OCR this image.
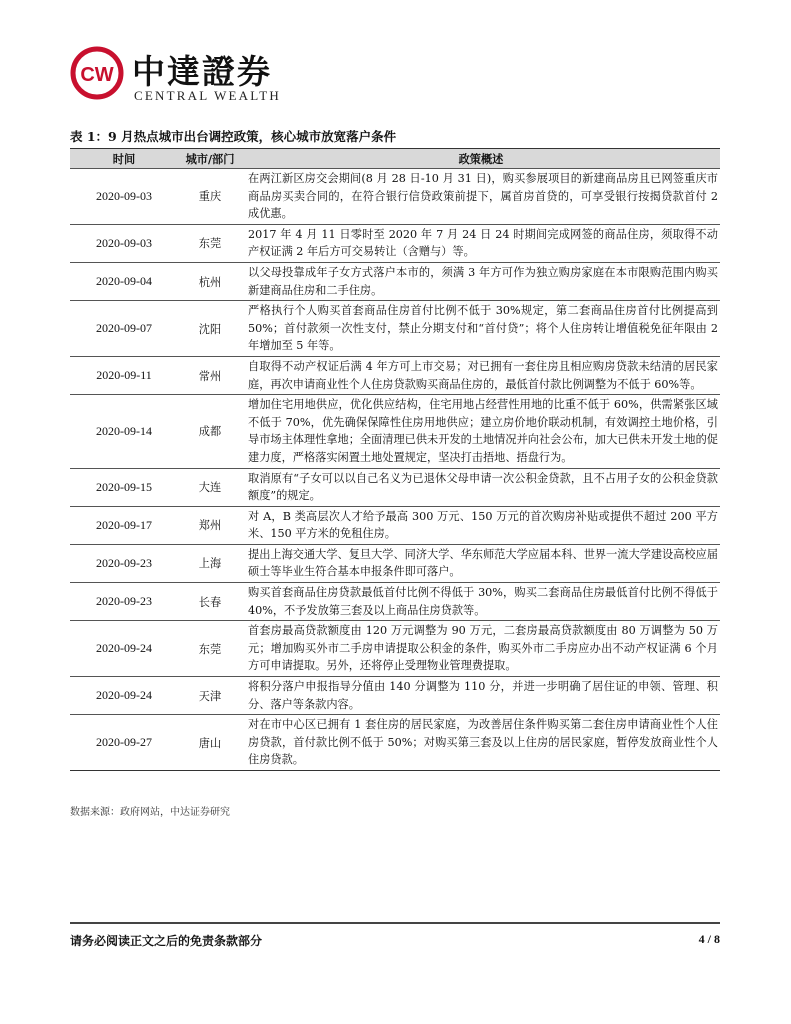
CW 中達證券
CENTRAL WEALTH
表 1：9 月热点城市出台调控政策，核心城市放宽落户条件
时间	城市/部门	政策概述
2020-09-03	重庆	在两江新区房交会期间(8 月 28 日-10 月 31 日)，购买参展项目的新建商品房且已网签重庆市商品房买卖合同的，在符合银行信贷政策前提下，属首房首贷的，可享受银行按揭贷款首付 2 成优惠。
2020-09-03	东莞	2017 年 4 月 11 日零时至 2020 年 7 月 24 日 24 时期间完成网签的商品住房，须取得不动产权证满 2 年后方可交易转让（含赠与）等。
2020-09-04	杭州	以父母投靠成年子女方式落户本市的，须满 3 年方可作为独立购房家庭在本市限购范围内购买新建商品住房和二手住房。
2020-09-07	沈阳	严格执行个人购买首套商品住房首付比例不低于 30%规定，第二套商品住房首付比例提高到 50%；首付款须一次性支付，禁止分期支付和“首付贷”；将个人住房转让增值税免征年限由 2 年增加至 5 年等。
2020-09-11	常州	自取得不动产权证后满 4 年方可上市交易；对已拥有一套住房且相应购房贷款未结清的居民家庭，再次申请商业性个人住房贷款购买商品住房的，最低首付款比例调整为不低于 60%等。
2020-09-14	成都	增加住宅用地供应，优化供应结构，住宅用地占经营性用地的比重不低于 60%，供需紧张区域不低于 70%，优先确保保障性住房用地供应；建立房价地价联动机制，有效调控土地价格，引导市场主体理性拿地；全面清理已供未开发的土地情况并向社会公布，加大已供未开发土地的促建力度，严格落实闲置土地处置规定，坚决打击捂地、捂盘行为。
2020-09-15	大连	取消原有“子女可以以自己名义为已退休父母申请一次公积金贷款，且不占用子女的公积金贷款额度”的规定。
2020-09-17	郑州	对 A，B 类高层次人才给予最高 300 万元、150 万元的首次购房补贴或提供不超过 200 平方米、150 平方米的免租住房。
2020-09-23	上海	提出上海交通大学、复旦大学、同济大学、华东师范大学应届本科、世界一流大学建设高校应届硕士等毕业生符合基本申报条件即可落户。
2020-09-23	长春	购买首套商品住房贷款最低首付比例不得低于 30%，购买二套商品住房最低首付比例不得低于 40%，不予发放第三套及以上商品住房贷款等。
2020-09-24	东莞	首套房最高贷款额度由 120 万元调整为 90 万元，二套房最高贷款额度由 80 万调整为 50 万元；增加购买外市二手房申请提取公积金的条件，购买外市二手房应办出不动产权证满 6 个月方可申请提取。另外，还将停止受理物业管理费提取。
2020-09-24	天津	将积分落户申报指导分值由 140 分调整为 110 分，并进一步明确了居住证的申领、管理、积分、落户等条款内容。
2020-09-27	唐山	对在市中心区已拥有 1 套住房的居民家庭，为改善居住条件购买第二套住房申请商业性个人住房贷款，首付款比例不低于 50%；对购买第三套及以上住房的居民家庭，暂停发放商业性个人住房贷款。
数据来源：政府网站，中达证券研究
请务必阅读正文之后的免责条款部分	4 / 8
